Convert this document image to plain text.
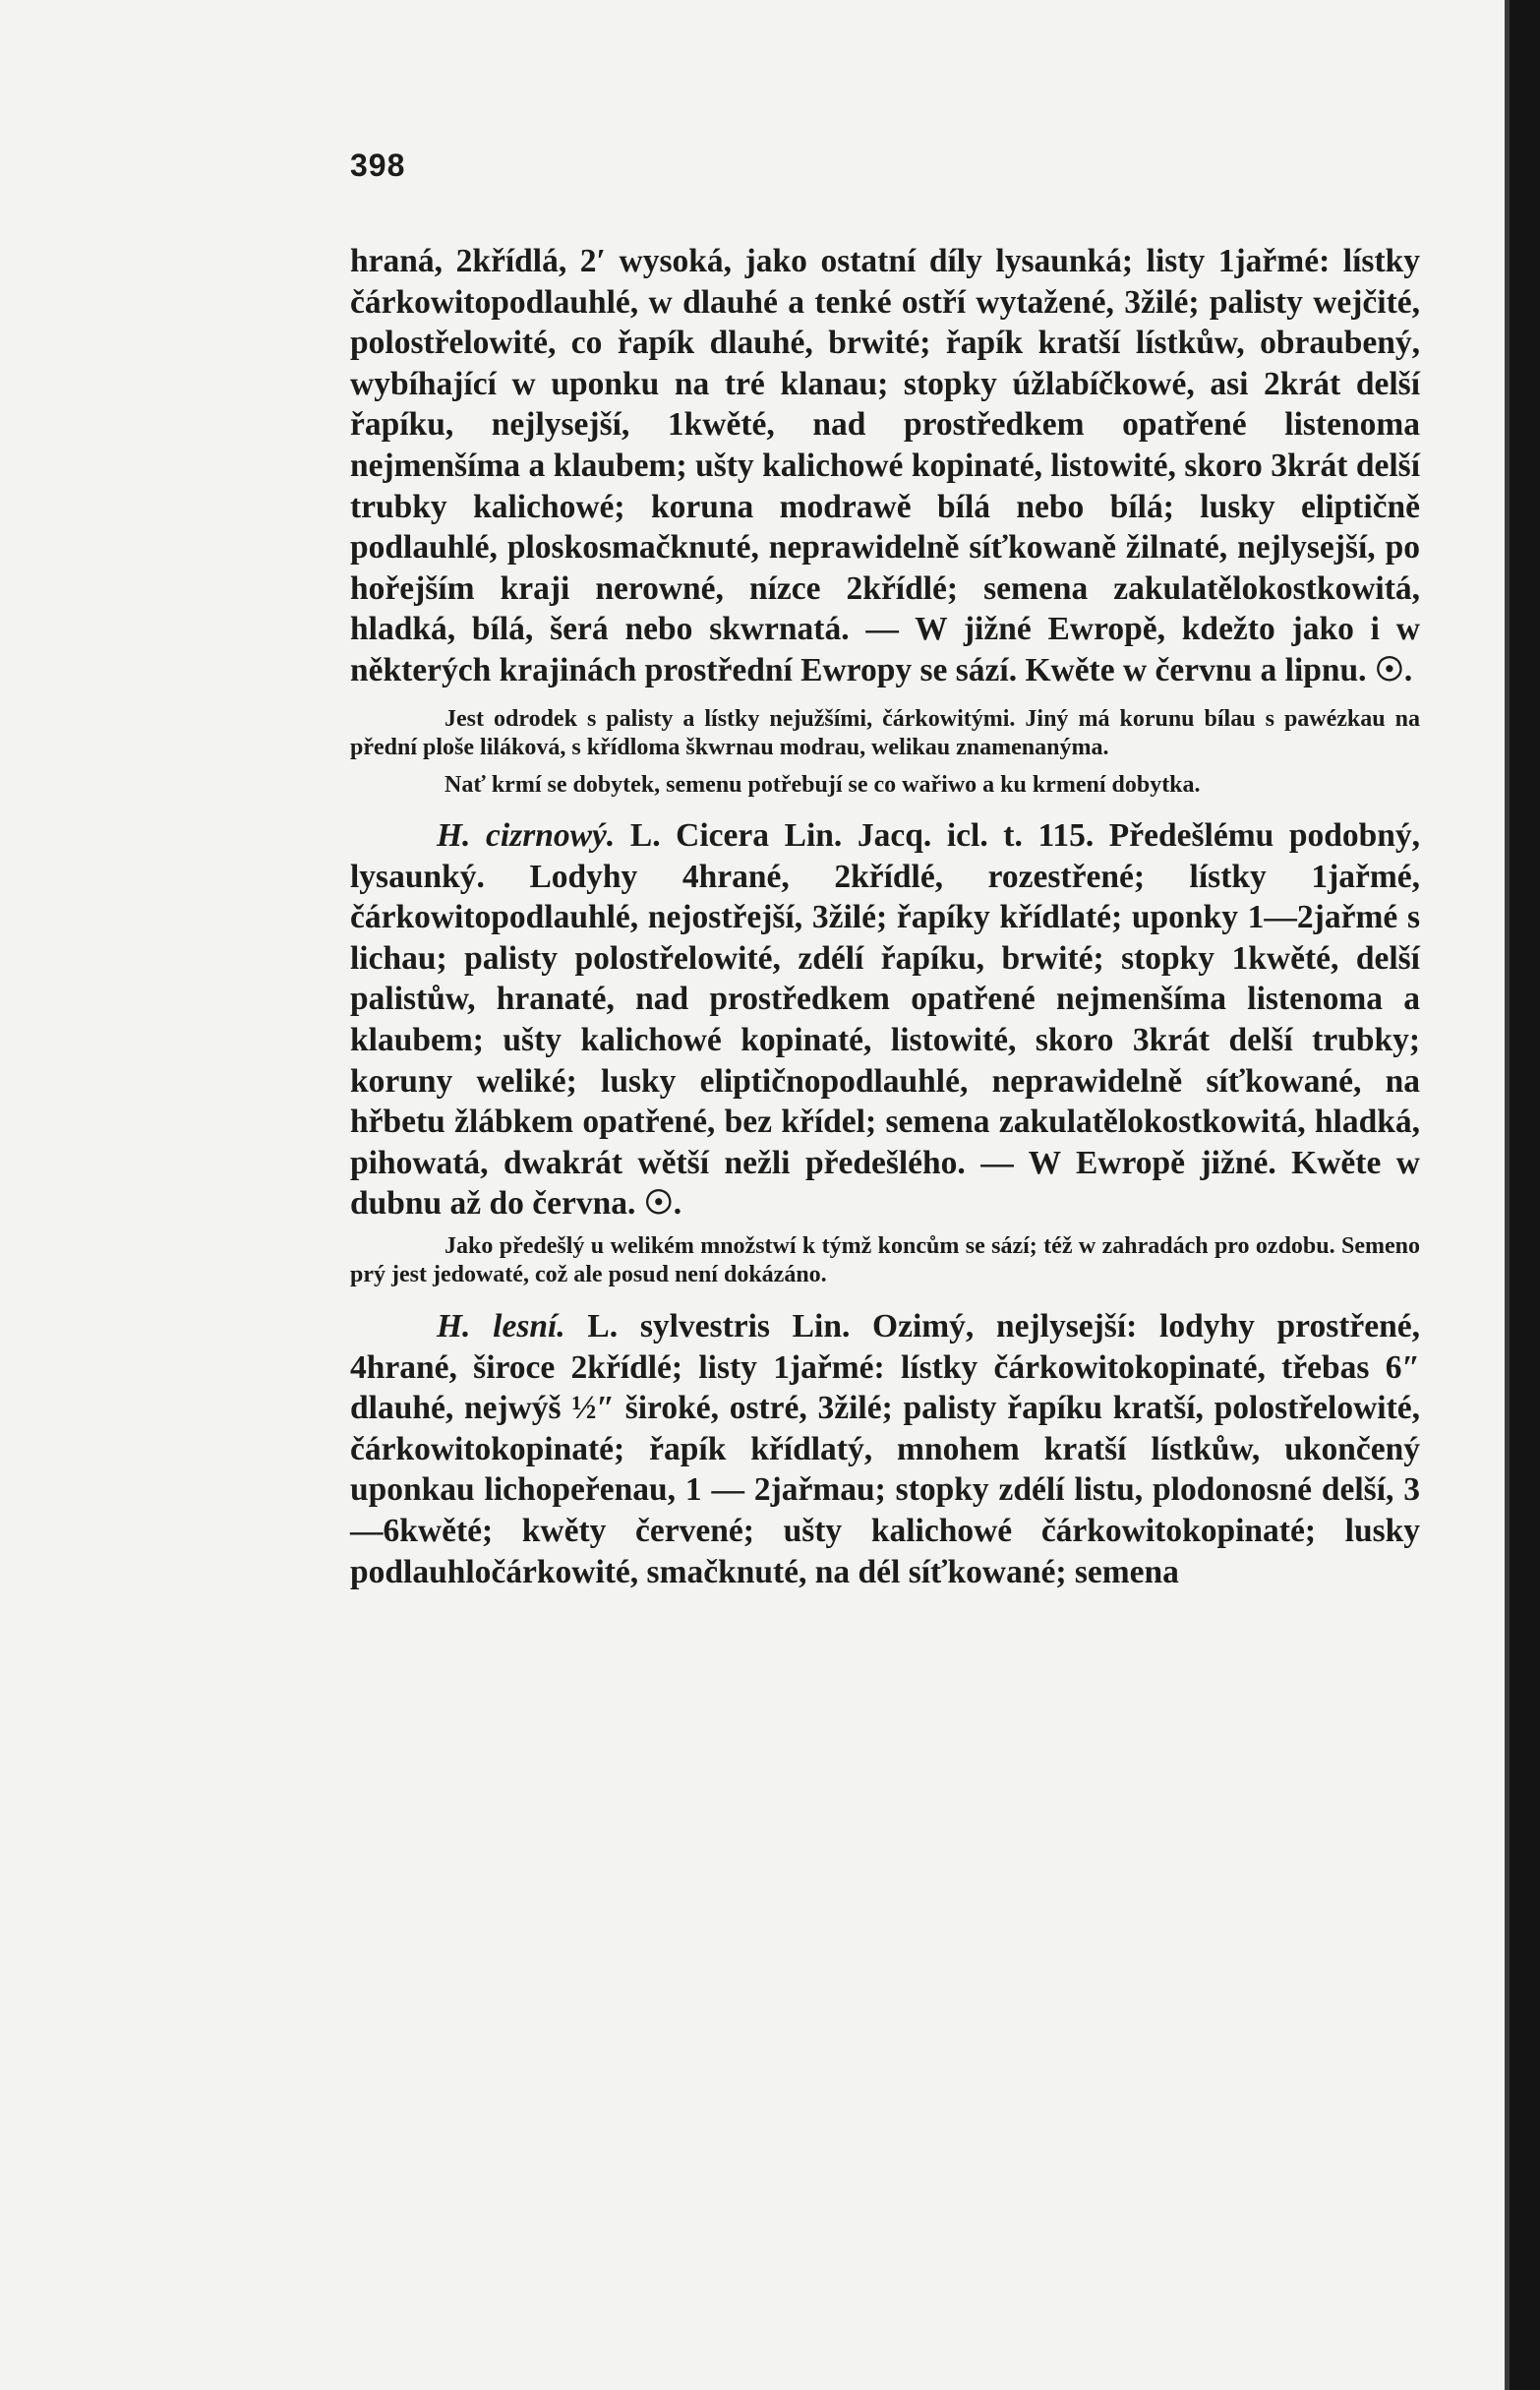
398

hraná, 2křídlá, 2′ wysoká, jako ostatní díly lysaunká; listy 1jařmé: lístky čárkowitopodlauhlé, w dlauhé a tenké ostří wytažené, 3žilé; palisty wejčité, polostřelowité, co řapík dlauhé, brwité; řapík kratší lístkůw, obraubený, wybíhající w uponku na tré klanau; stopky úžlabíčkowé, asi 2krát delší řapíku, nejlysejší, 1kwěté, nad prostředkem opatřené listenoma nejmenšíma a klaubem; ušty kalichowé kopinaté, listowité, skoro 3krát delší trubky kalichowé; koruna modrawě bílá nebo bílá; lusky eliptičně podlauhlé, ploskosmačknuté, neprawidelně síťkowaně žilnaté, nejlysejší, po hořejším kraji nerowné, nízce 2křídlé; semena zakulatělokostkowitá, hladká, bílá, šerá nebo skwrnatá. — W jižné Ewropě, kdežto jako i w některých krajinách prostřední Ewropy se sází. Kwěte w červnu a lipnu. ☉.

Jest odrodek s palisty a lístky nejužšími, čárkowitými. Jiný má korunu bílau s pawézkau na přední ploše liláková, s křídloma škwrnau modrau, welikau znamenanýma.

Nať krmí se dobytek, semenu potřebují se co wařiwo a ku krmení dobytka.

H. cizrnowý. L. Cicera Lin. Jacq. icl. t. 115. Předešlému podobný, lysaunký. Lodyhy 4hrané, 2křídlé, rozestřené; lístky 1jařmé, čárkowitopodlauhlé, nejostřejší, 3žilé; řapíky křídlaté; uponky 1—2jařmé s lichau; palisty polostřelowité, zdélí řapíku, brwité; stopky 1kwěté, delší palistůw, hranaté, nad prostředkem opatřené nejmenšíma listenoma a klaubem; ušty kalichowé kopinaté, listowité, skoro 3krát delší trubky; koruny weliké; lusky eliptičnopodlauhlé, neprawidelně síťkowané, na hřbetu žlábkem opatřené, bez křídel; semena zakulatělokostkowitá, hladká, pihowatá, dwakrát wětší nežli předešlého. — W Ewropě jižné. Kwěte w dubnu až do června. ☉.

Jako předešlý u welikém množstwí k týmž koncům se sází; též w zahradách pro ozdobu. Semeno prý jest jedowaté, což ale posud není dokázáno.

H. lesní. L. sylvestris Lin. Ozimý, nejlysejší: lodyhy prostřené, 4hrané, široce 2křídlé; listy 1jařmé: lístky čárkowitokopinaté, třebas 6″ dlauhé, nejwýš ½″ široké, ostré, 3žilé; palisty řapíku kratší, polostřelowité, čárkowitokopinaté; řapík křídlatý, mnohem kratší lístkůw, ukončený uponkau lichopeřenau, 1 — 2jařmau; stopky zdélí listu, plodonosné delší, 3—6kwěté; kwěty červené; ušty kalichowé čárkowitokopinaté; lusky podlauhločárkowité, smačknuté, na dél síťkowané; semena
